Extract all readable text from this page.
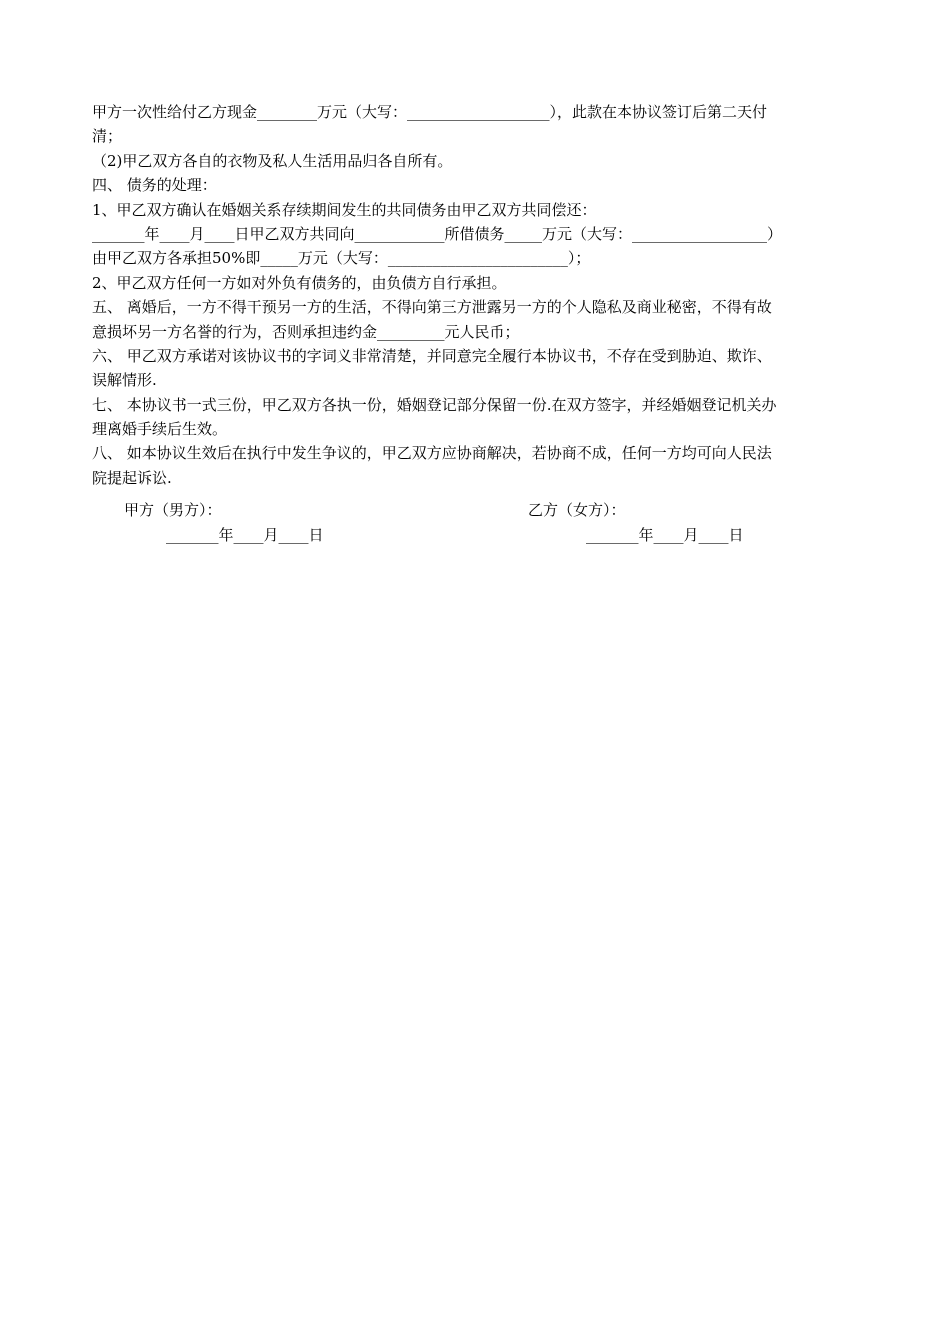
甲方一次性给付乙方现金________万元（大写：___________________），此款在本协议签订后第二天付
清；
（2)甲乙双方各自的衣物及私人生活用品归各自所有。
四、 债务的处理：
1、甲乙双方确认在婚姻关系存续期间发生的共同债务由甲乙双方共同偿还：
_______年____月____日甲乙双方共同向____________所借债务_____万元（大写：__________________）
由甲乙双方各承担50%即_____万元（大写：________________________）；
2、甲乙双方任何一方如对外负有债务的，由负债方自行承担。
五、 离婚后，一方不得干预另一方的生活，不得向第三方泄露另一方的个人隐私及商业秘密，不得有故
意损坏另一方名誉的行为，否则承担违约金_________元人民币；
六、 甲乙双方承诺对该协议书的字词义非常清楚，并同意完全履行本协议书，不存在受到胁迫、欺诈、
误解情形.
七、 本协议书一式三份，甲乙双方各执一份，婚姻登记部分保留一份.在双方签字，并经婚姻登记机关办
理离婚手续后生效。
八、 如本协议生效后在执行中发生争议的，甲乙双方应协商解决，若协商不成，任何一方均可向人民法
院提起诉讼.
甲方（男方）：	乙方（女方）：
_______年____月____日	_______年____月____日
